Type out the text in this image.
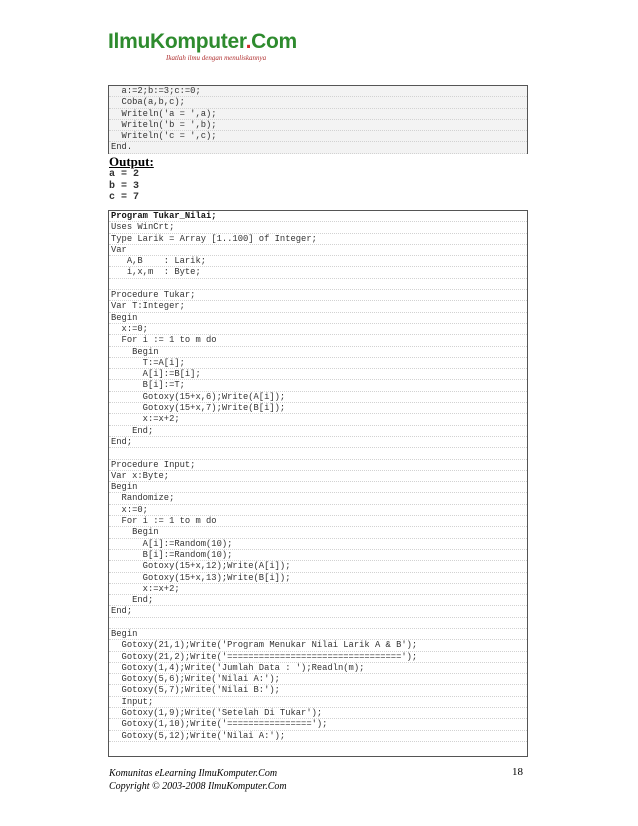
IlmuKomputer.Com
Ikatlah ilmu dengan menuliskannya
a:=2;b:=3;c:=0;
Coba(a,b,c);
Writeln('a = ',a);
Writeln('b = ',b);
Writeln('c = ',c);
End.
Output:
a = 2
b = 3
c = 7
Program Tukar_Nilai;
Uses WinCrt;
Type Larik = Array [1..100] of Integer;
Var
A,B    : Larik;
i,x,m  : Byte;
Procedure Tukar;
Var T:Integer;
Begin
x:=0;
For i := 1 to m do
Begin
T:=A[i];
A[i]:=B[i];
B[i]:=T;
Gotoxy(15+x,6);Write(A[i]);
Gotoxy(15+x,7);Write(B[i]);
x:=x+2;
End;
End;
Procedure Input;
Var x:Byte;
Begin
Randomize;
x:=0;
For i := 1 to m do
Begin
A[i]:=Random(10);
B[i]:=Random(10);
Gotoxy(15+x,12);Write(A[i]);
Gotoxy(15+x,13);Write(B[i]);
x:=x+2;
End;
End;
Begin
Gotoxy(21,1);Write('Program Menukar Nilai Larik A & B');
Gotoxy(21,2);Write('=================================');
Gotoxy(1,4);Write('Jumlah Data : ');Readln(m);
Gotoxy(5,6);Write('Nilai A:');
Gotoxy(5,7);Write('Nilai B:');
Input;
Gotoxy(1,9);Write('Setelah Di Tukar');
Gotoxy(1,10);Write('================');
Gotoxy(5,12);Write('Nilai A:');
Komunitas eLearning IlmuKomputer.Com
Copyright © 2003-2008 IlmuKomputer.Com
18
